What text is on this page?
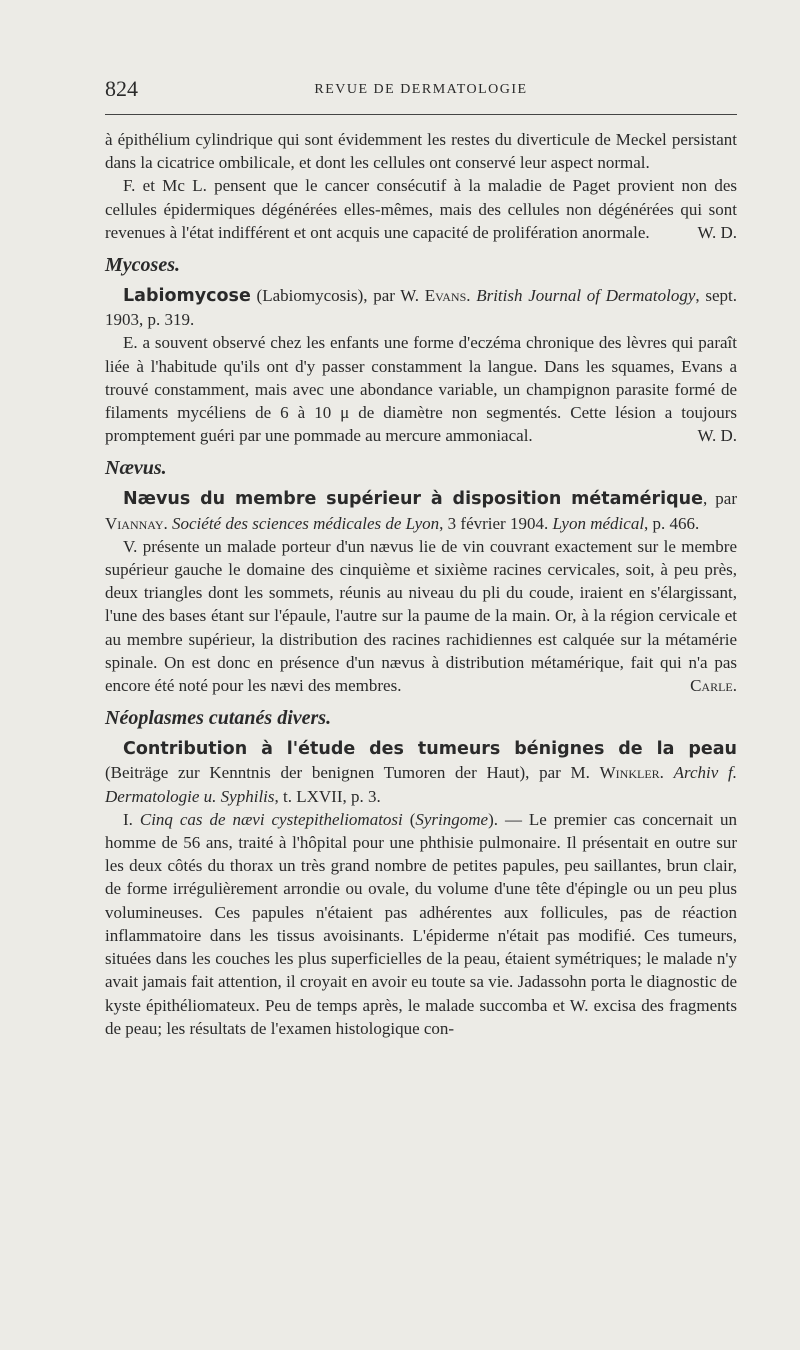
824	REVUE DE DERMATOLOGIE

à épithélium cylindrique qui sont évidemment les restes du diverticule de Meckel persistant dans la cicatrice ombilicale, et dont les cellules ont conservé leur aspect normal.

F. et Mc L. pensent que le cancer consécutif à la maladie de Paget provient non des cellules épidermiques dégénérées elles-mêmes, mais des cellules non dégénérées qui sont revenues à l'état indifférent et ont acquis une capacité de prolifération anormale.	W. D.

Mycoses.

Labiomycose (Labiomycosis), par W. Evans. British Journal of Dermatology, sept. 1903, p. 319.

E. a souvent observé chez les enfants une forme d'eczéma chronique des lèvres qui paraît liée à l'habitude qu'ils ont d'y passer constamment la langue. Dans les squames, Evans a trouvé constamment, mais avec une abondance variable, un champignon parasite formé de filaments mycéliens de 6 à 10 μ de diamètre non segmentés. Cette lésion a toujours promptement guéri par une pommade au mercure ammoniacal.	W. D.

Nævus.

Nævus du membre supérieur à disposition métamérique, par Viannay. Société des sciences médicales de Lyon, 3 février 1904. Lyon médical, p. 466.

V. présente un malade porteur d'un nævus lie de vin couvrant exactement sur le membre supérieur gauche le domaine des cinquième et sixième racines cervicales, soit, à peu près, deux triangles dont les sommets, réunis au niveau du pli du coude, iraient en s'élargissant, l'une des bases étant sur l'épaule, l'autre sur la paume de la main. Or, à la région cervicale et au membre supérieur, la distribution des racines rachidiennes est calquée sur la métamérie spinale. On est donc en présence d'un nævus à distribution métamérique, fait qui n'a pas encore été noté pour les nævi des membres.	Carle.

Néoplasmes cutanés divers.

Contribution à l'étude des tumeurs bénignes de la peau (Beiträge zur Kenntnis der benignen Tumoren der Haut), par M. Winkler. Archiv f. Dermatologie u. Syphilis, t. LXVII, p. 3.

I. Cinq cas de nævi cystepitheliomatosi (Syringome). — Le premier cas concernait un homme de 56 ans, traité à l'hôpital pour une phthisie pulmonaire. Il présentait en outre sur les deux côtés du thorax un très grand nombre de petites papules, peu saillantes, brun clair, de forme irrégulièrement arrondie ou ovale, du volume d'une tête d'épingle ou un peu plus volumineuses. Ces papules n'étaient pas adhérentes aux follicules, pas de réaction inflammatoire dans les tissus avoisinants. L'épiderme n'était pas modifié. Ces tumeurs, situées dans les couches les plus superficielles de la peau, étaient symétriques; le malade n'y avait jamais fait attention, il croyait en avoir eu toute sa vie. Jadassohn porta le diagnostic de kyste épithéliomateux. Peu de temps après, le malade succomba et W. excisa des fragments de peau; les résultats de l'examen histologique con-
